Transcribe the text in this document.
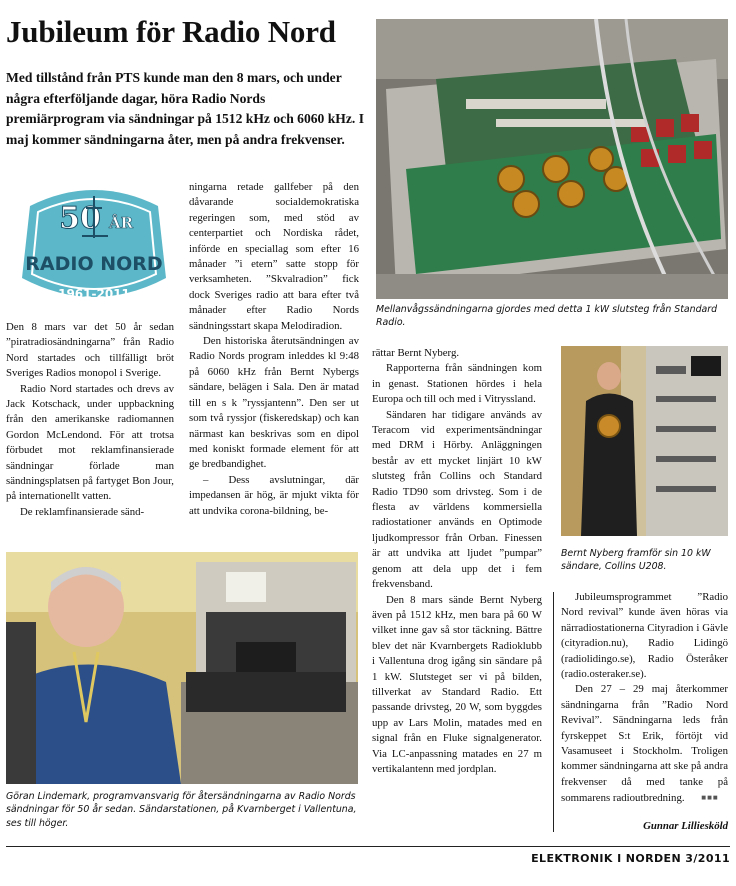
Jubileum för Radio Nord

Med tillstånd från PTS kunde man den 8 mars, och under några efterföljande dagar, höra Radio Nords premiärprogram via sändningar på 1512 kHz och 6060 kHz. I maj kommer sändningarna åter, men på andra frekvenser.

Mellanvågssändningarna gjordes med detta 1 kW slutsteg från Standard Radio.
50 ÅR
RADIO NORD
1961-2011

Den 8 mars var det 50 år sedan ”piratradiosändningarna” från Radio Nord startades och tillfälligt bröt Sveriges Radios monopol i Sverige.

Radio Nord startades och drevs av Jack Kotschack, under uppbackning från den amerikanske radiomannen Gordon McLendond. För att trotsa förbudet mot reklamfinansierade sändningar förlade man sändningsplatsen på fartyget Bon Jour, på internationellt vatten.

De reklamfinansierade sänd-

ningarna retade gallfeber på den dåvarande socialdemokratiska regeringen som, med stöd av centerpartiet och Nordiska rådet, införde en speciallag som efter 16 månader ”i etern” satte stopp för verksamheten. ”Skvalradion” fick dock Sveriges radio att bara efter två månader efter Radio Nords sändningsstart skapa Melodiradion.

Den historiska återutsändningen av Radio Nords program inleddes kl 9:48 på 6060 kHz från Bernt Nybergs sändare, belägen i Sala. Den är matad till en s k ”ryssjantenn”. Den ser ut som två ryssjor (fiskeredskap) och kan närmast kan beskrivas som en dipol med koniskt formade element för att ge bredbandighet.

– Dess avslutningar, där impedansen är hög, är mjukt vikta för att undvika corona-bildning, be-

Göran Lindemark, programvansvarig för återsändningarna av Radio Nords sändningar för 50 år sedan. Sändarstationen, på Kvarnberget i Vallentuna, ses till höger.

rättar Bernt Nyberg.

Rapporterna från sändningen kom in genast. Stationen hördes i hela Europa och till och med i Vitryssland.

Sändaren har tidigare används av Teracom vid experimentsändningar med DRM i Hörby. Anläggningen består av ett mycket linjärt 10 kW slutsteg från Collins och Standard Radio TD90 som drivsteg. Som i de flesta av världens kommersiella radiostationer används en Optimode ljudkompressor från Orban. Finessen är att undvika att ljudet ”pumpar” genom att dela upp det i fem frekvensband.

Den 8 mars sände Bernt Nyberg även på 1512 kHz, men bara på 60 W vilket inne gav så stor täckning. Bättre blev det när Kvarnbergets Radioklubb i Vallentuna drog igång sin sändare på 1 kW. Slutsteget ser vi på bilden, tillverkat av Standard Radio. Ett passande drivsteg, 20 W, som byggdes upp av Lars Molin, matades med en signal från en Fluke signalgenerator. Via LC-anpassning matades en 27 m vertikalantenn med jordplan.

Bernt Nyberg framför sin 10 kW sändare, Collins U208.

Jubileumsprogrammet ”Radio Nord revival” kunde även höras via närradiostationerna Cityradion i Gävle (cityradion.nu), Radio Lidingö (radiolidingo.se), Radio Österåker (radio.osteraker.se).

Den 27 – 29 maj återkommer sändningarna från ”Radio Nord Revival”. Sändningarna leds från fyrskeppet S:t Erik, förtöjt vid Vasamuseet i Stockholm. Troligen kommer sändningarna att ske på andra frekvenser då med tanke på sommarens radioutbredning. ■■■

Gunnar Lilliesköld
ELEKTRONIK I NORDEN 3/2011
